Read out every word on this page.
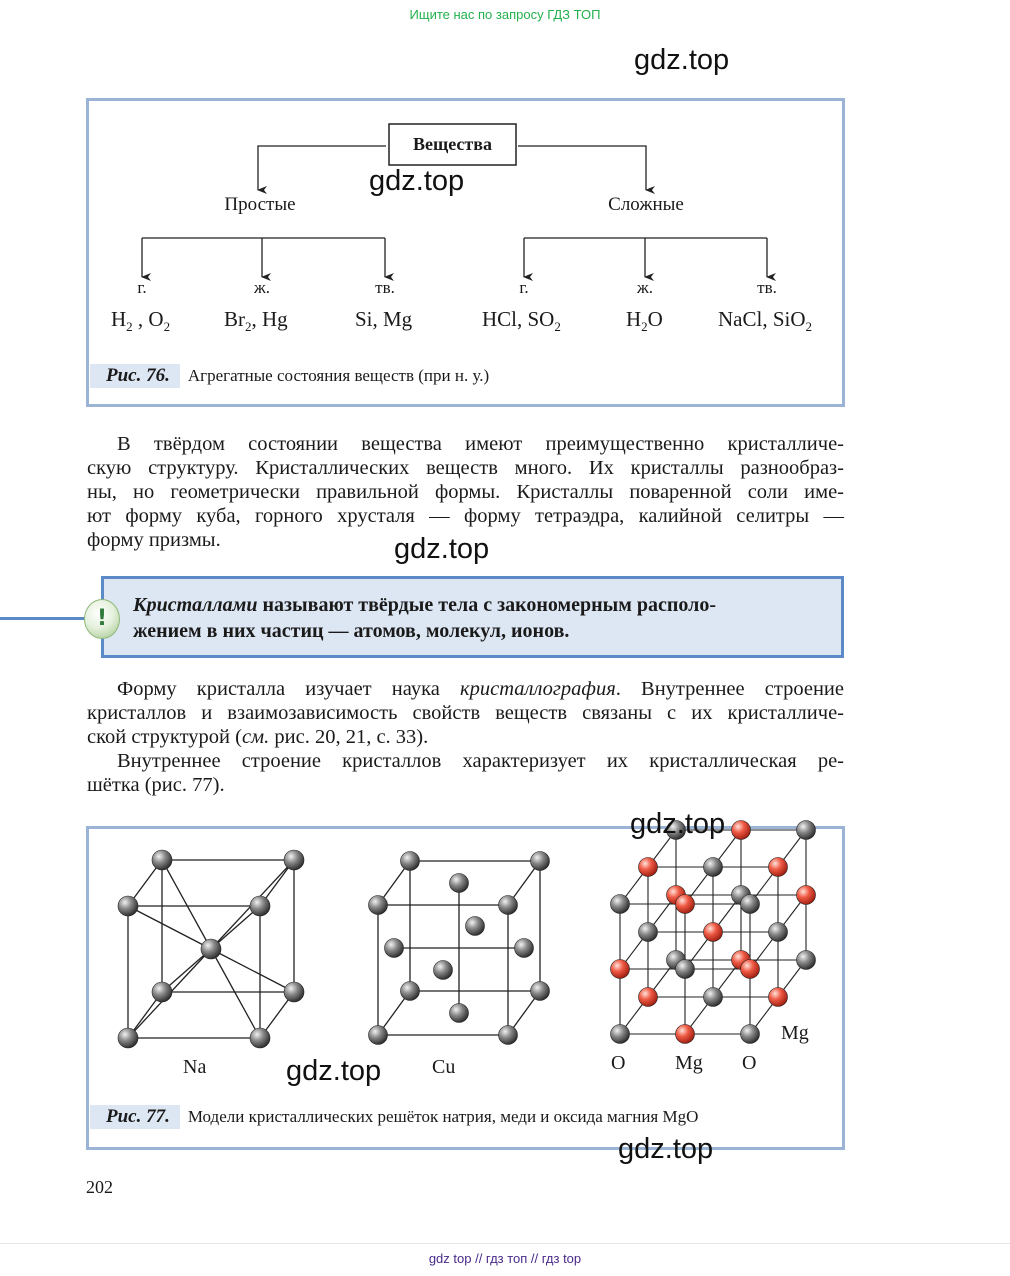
Ищите нас по запросу ГДЗ ТОП
gdz.top
Вещества
gdz.top
Простые	Сложные
г.	ж.	тв.	г.	ж.	тв.
$H_2$ , $O_2$	$Br_2$, Hg	Si, Mg	HCl, $SO_2$	$H_2O$	NaCl, SiO$_2$
Рис. 76.	Агрегатные состояния веществ (при н. у.)
В твёрдом состоянии вещества имеют преимущественно кристалличе-
скую структуру. Кристаллических веществ много. Их кристаллы разнообраз-
ны, но геометрически правильной формы. Кристаллы поваренной соли име-
ют форму куба, горного хрусталя — форму тетраэдра, калийной селитры —
форму призмы.	gdz.top
!
Кристаллами называют твёрдые тела с закономерным располо-
жением в них частиц — атомов, молекул, ионов.
Форму кристалла изучает наука кристаллография. Внутреннее строение
кристаллов и взаимозависимость свойств веществ связаны с их кристалличе-
ской структурой (см. рис. 20, 21, с. 33).
Внутреннее строение кристаллов характеризует их кристаллическая ре-
шётка (рис. 77).
gdz.top
Na	gdz.top	Cu	O Mg O
Mg
Рис. 77.	Модели кристаллических решёток натрия, меди и оксида магния MgO
gdz.top
202
gdz top // гдз топ // гдз top
